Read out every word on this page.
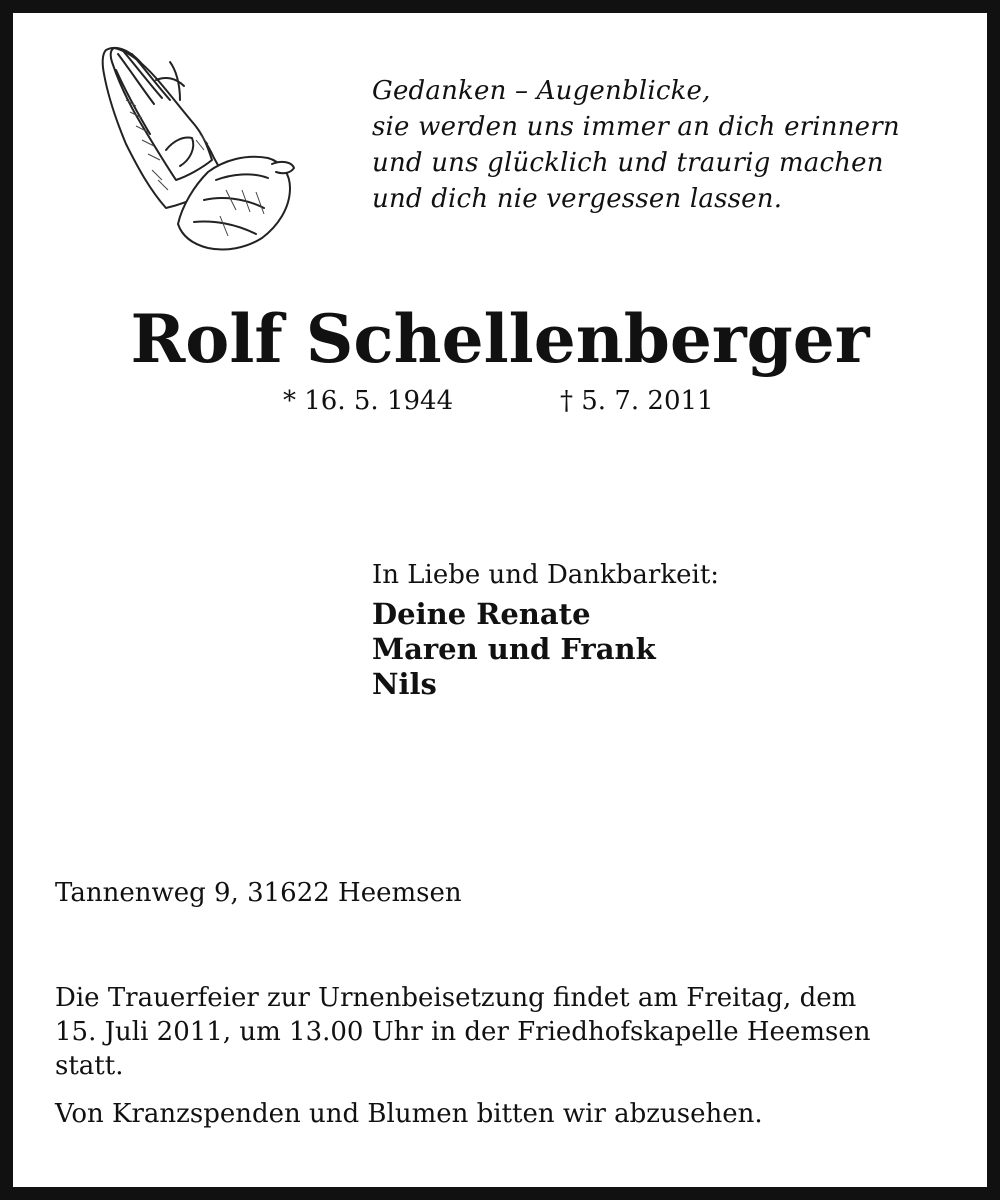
Gedanken – Augenblicke,
sie werden uns immer an dich erinnern
und uns glücklich und traurig machen
und dich nie vergessen lassen.
Rolf Schellenberger
* 16. 5. 1944	† 5. 7. 2011
In Liebe und Dankbarkeit:
Deine Renate
Maren und Frank
Nils
Tannenweg 9, 31622 Heemsen
Die Trauerfeier zur Urnenbeisetzung findet am Freitag, dem
15. Juli 2011, um 13.00 Uhr in der Friedhofskapelle Heemsen
statt.
Von Kranzspenden und Blumen bitten wir abzusehen.
